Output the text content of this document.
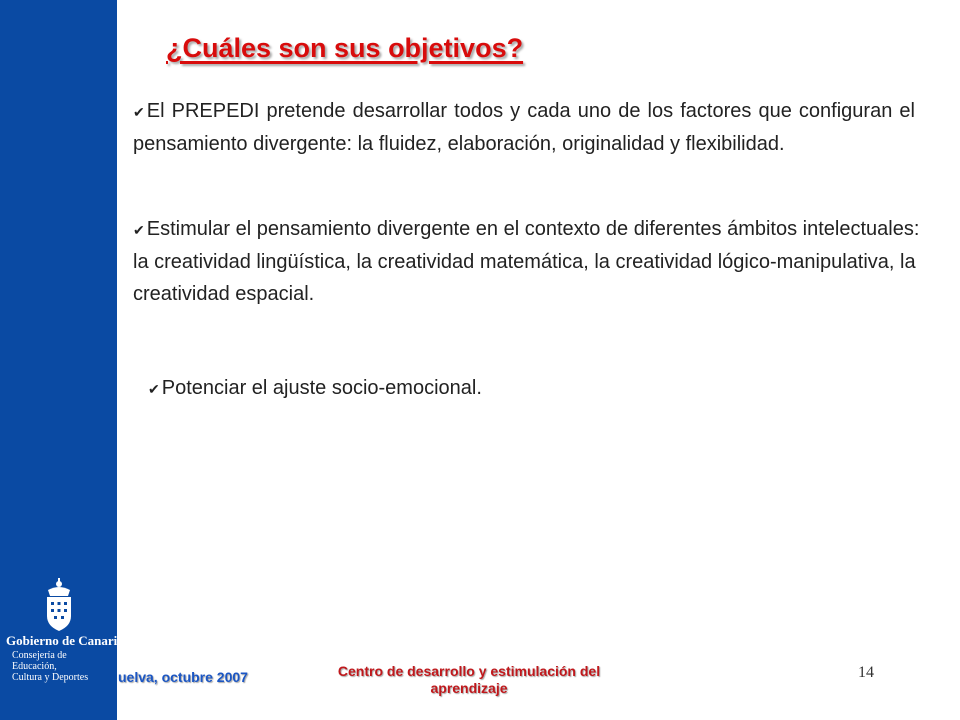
Gobierno de Canarias
Consejería de Educación,
Cultura y Deportes
¿Cuáles son sus objetivos?
✔ El PREPEDI pretende desarrollar todos y cada uno de los factores que configuran el pensamiento divergente: la fluidez, elaboración, originalidad y flexibilidad.
✔ Estimular el pensamiento divergente en el contexto de diferentes ámbitos intelectuales: la creatividad lingüística, la creatividad matemática, la creatividad lógico-manipulativa, la creatividad espacial.
✔ Potenciar el ajuste socio-emocional.
uelva, octubre 2007	Centro de desarrollo y estimulación del aprendizaje
14
